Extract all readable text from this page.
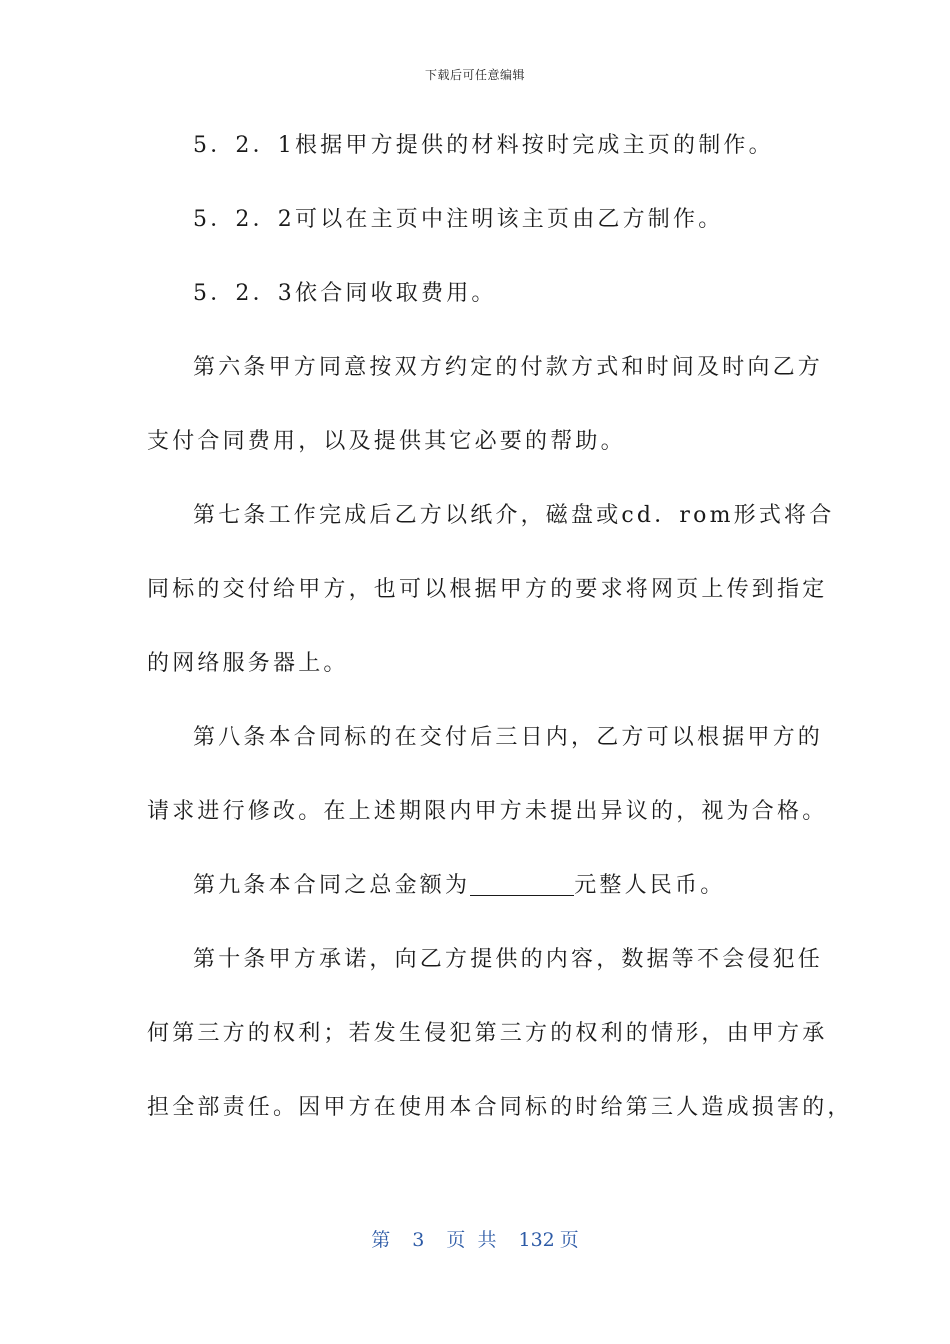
下载后可任意编辑
5．2．1根据甲方提供的材料按时完成主页的制作。
5．2．2可以在主页中注明该主页由乙方制作。
5．2．3依合同收取费用。
第六条甲方同意按双方约定的付款方式和时间及时向乙方
支付合同费用，以及提供其它必要的帮助。
第七条工作完成后乙方以纸介，磁盘或cd．rom形式将合
同标的交付给甲方，也可以根据甲方的要求将网页上传到指定
的网络服务器上。
第八条本合同标的在交付后三日内，乙方可以根据甲方的
请求进行修改。在上述期限内甲方未提出异议的，视为合格。
第九条本合同之总金额为	元整人民币。
第十条甲方承诺，向乙方提供的内容，数据等不会侵犯任
何第三方的权利；若发生侵犯第三方的权利的情形，由甲方承
担全部责任。因甲方在使用本合同标的时给第三人造成损害的，
第 3 页 共 132 页
